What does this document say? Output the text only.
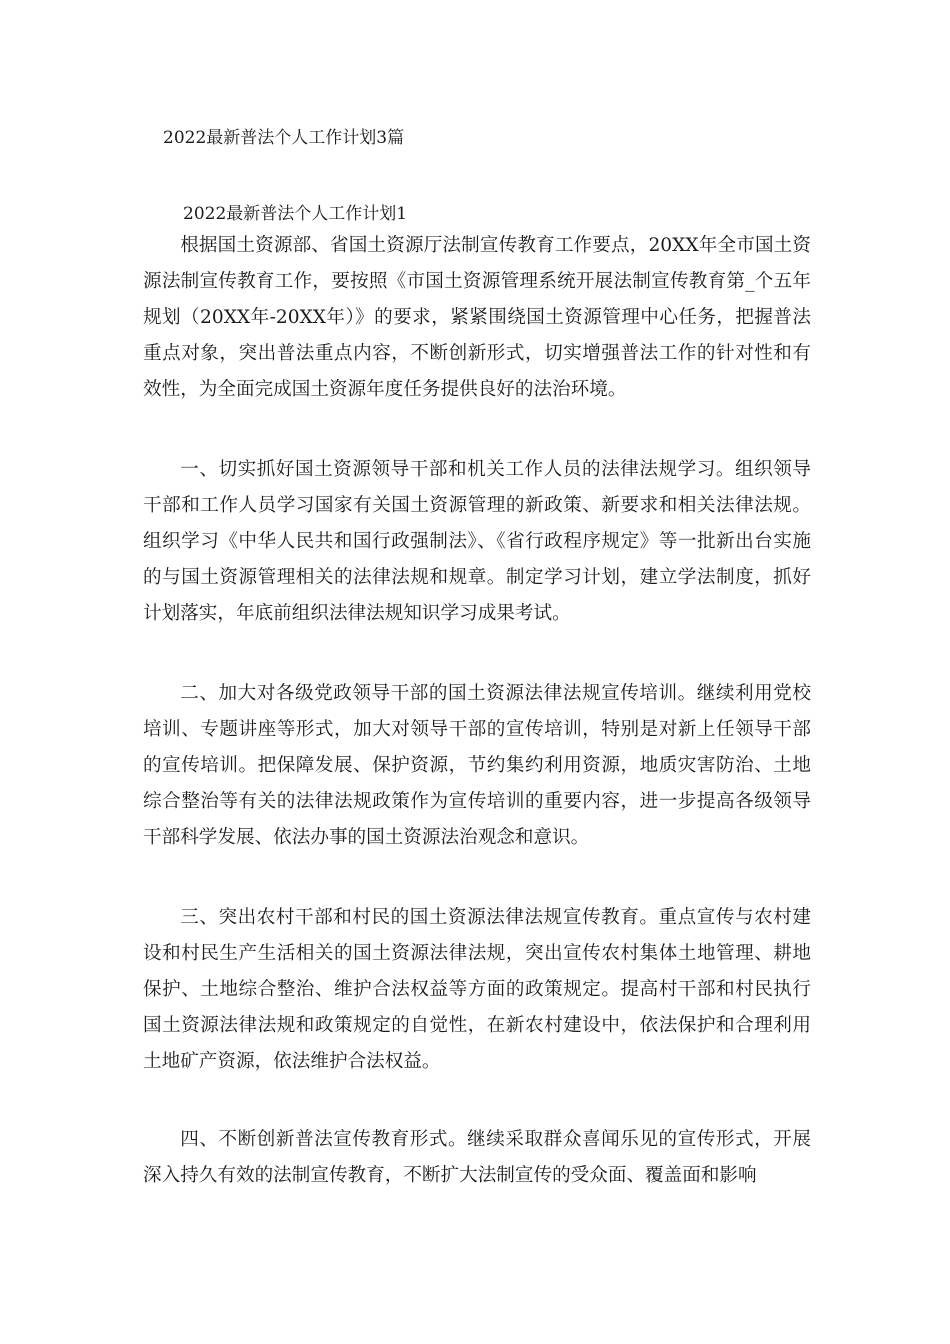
2022最新普法个人工作计划3篇
2022最新普法个人工作计划1

根据国土资源部、省国土资源厅法制宣传教育工作要点，20XX年全市国土资源法制宣传教育工作，要按照《市国土资源管理系统开展法制宣传教育第_个五年规划（20XX年-20XX年）》的要求，紧紧围绕国土资源管理中心任务，把握普法重点对象，突出普法重点内容，不断创新形式，切实增强普法工作的针对性和有效性，为全面完成国土资源年度任务提供良好的法治环境。

一、切实抓好国土资源领导干部和机关工作人员的法律法规学习。组织领导干部和工作人员学习国家有关国土资源管理的新政策、新要求和相关法律法规。组织学习《中华人民共和国行政强制法》、《省行政程序规定》等一批新出台实施的与国土资源管理相关的法律法规和规章。制定学习计划，建立学法制度，抓好计划落实，年底前组织法律法规知识学习成果考试。

二、加大对各级党政领导干部的国土资源法律法规宣传培训。继续利用党校培训、专题讲座等形式，加大对领导干部的宣传培训，特别是对新上任领导干部的宣传培训。把保障发展、保护资源，节约集约利用资源，地质灾害防治、土地综合整治等有关的法律法规政策作为宣传培训的重要内容，进一步提高各级领导干部科学发展、依法办事的国土资源法治观念和意识。

三、突出农村干部和村民的国土资源法律法规宣传教育。重点宣传与农村建设和村民生产生活相关的国土资源法律法规，突出宣传农村集体土地管理、耕地保护、土地综合整治、维护合法权益等方面的政策规定。提高村干部和村民执行国土资源法律法规和政策规定的自觉性，在新农村建设中，依法保护和合理利用土地矿产资源，依法维护合法权益。

四、不断创新普法宣传教育形式。继续采取群众喜闻乐见的宣传形式，开展深入持久有效的法制宣传教育，不断扩大法制宣传的受众面、覆盖面和影响
